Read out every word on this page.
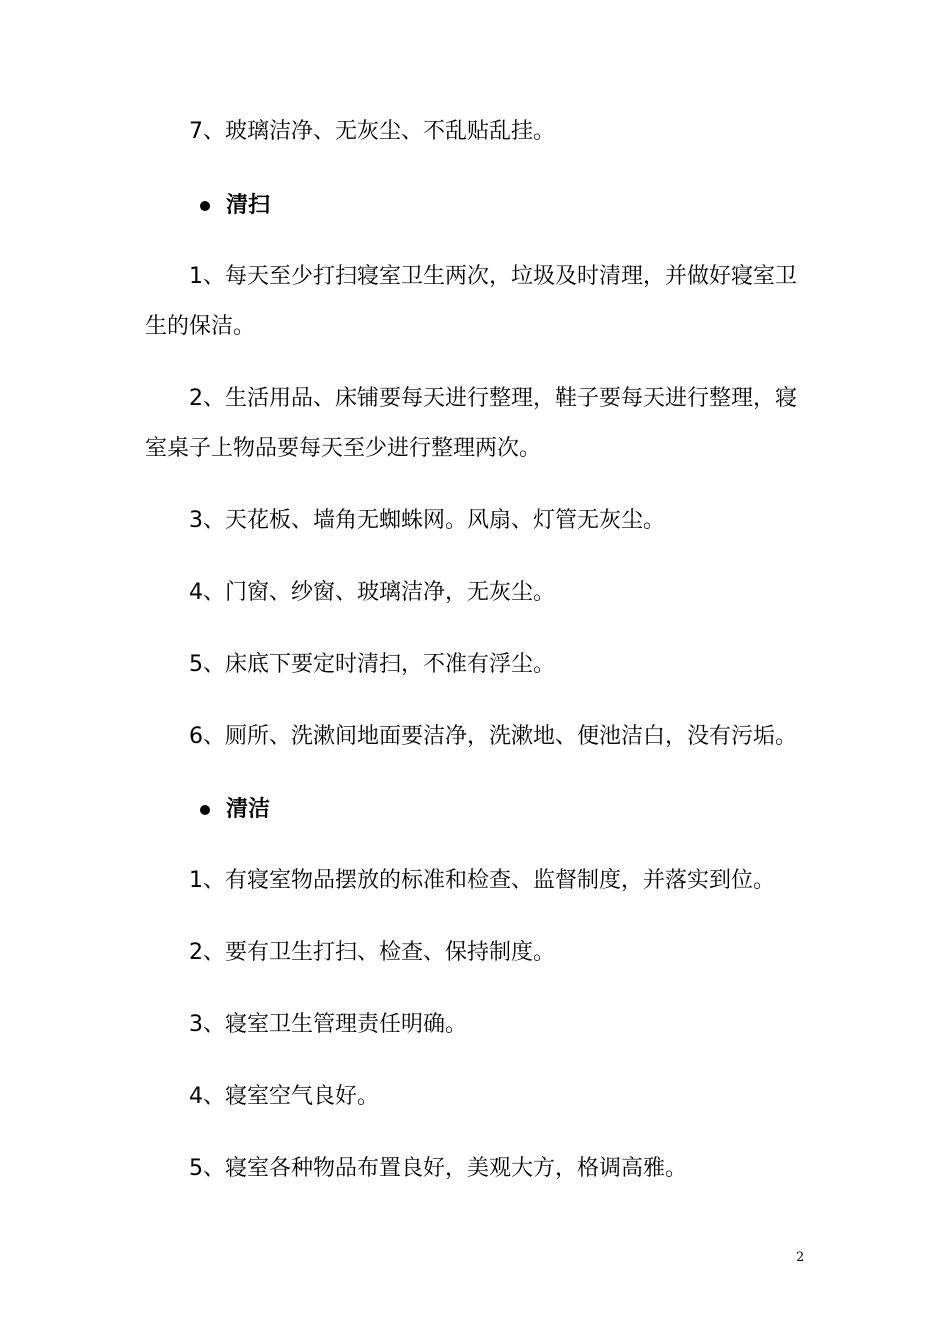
7、玻璃洁净、无灰尘、不乱贴乱挂。

清扫

1、每天至少打扫寝室卫生两次，垃圾及时清理，并做好寝室卫生的保洁。

2、生活用品、床铺要每天进行整理，鞋子要每天进行整理，寝室桌子上物品要每天至少进行整理两次。

3、天花板、墙角无蜘蛛网。风扇、灯管无灰尘。

4、门窗、纱窗、玻璃洁净，无灰尘。

5、床底下要定时清扫，不准有浮尘。

6、厕所、洗漱间地面要洁净，洗漱地、便池洁白，没有污垢。

清洁

1、有寝室物品摆放的标准和检查、监督制度，并落实到位。

2、要有卫生打扫、检查、保持制度。

3、寝室卫生管理责任明确。

4、寝室空气良好。

5、寝室各种物品布置良好，美观大方，格调高雅。

2
